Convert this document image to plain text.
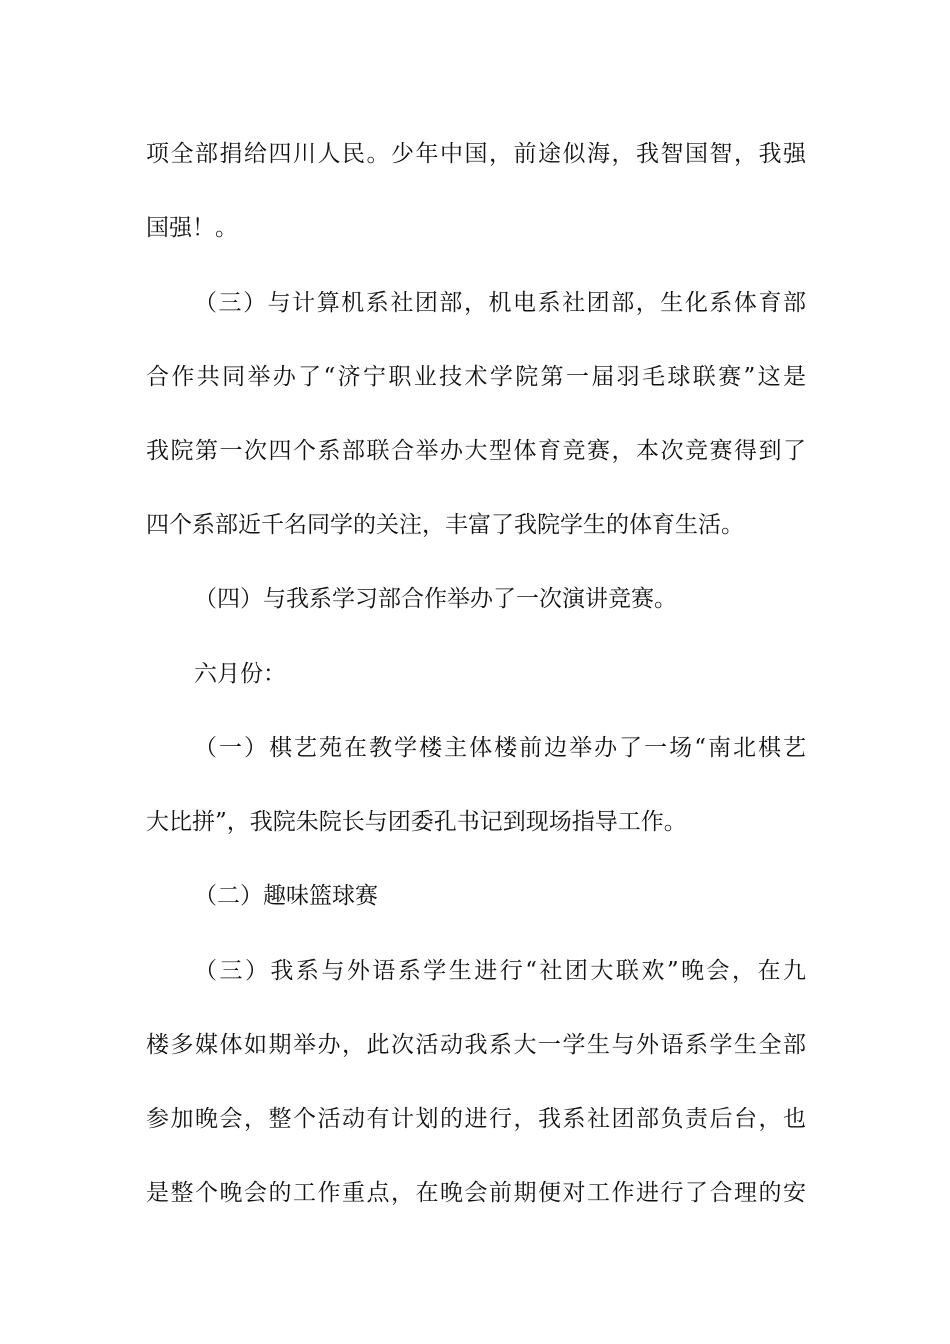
项全部捐给四川人民。少年中国，前途似海，我智国智，我强
国强！。
（三）与计算机系社团部，机电系社团部，生化系体育部
合作共同举办了“济宁职业技术学院第一届羽毛球联赛”这是
我院第一次四个系部联合举办大型体育竞赛，本次竞赛得到了
四个系部近千名同学的关注，丰富了我院学生的体育生活。
（四）与我系学习部合作举办了一次演讲竞赛。
六月份：
（一）棋艺苑在教学楼主体楼前边举办了一场“南北棋艺
大比拼”，我院朱院长与团委孔书记到现场指导工作。
（二）趣味篮球赛
（三）我系与外语系学生进行“社团大联欢”晚会，在九
楼多媒体如期举办，此次活动我系大一学生与外语系学生全部
参加晚会，整个活动有计划的进行，我系社团部负责后台，也
是整个晚会的工作重点，在晚会前期便对工作进行了合理的安
